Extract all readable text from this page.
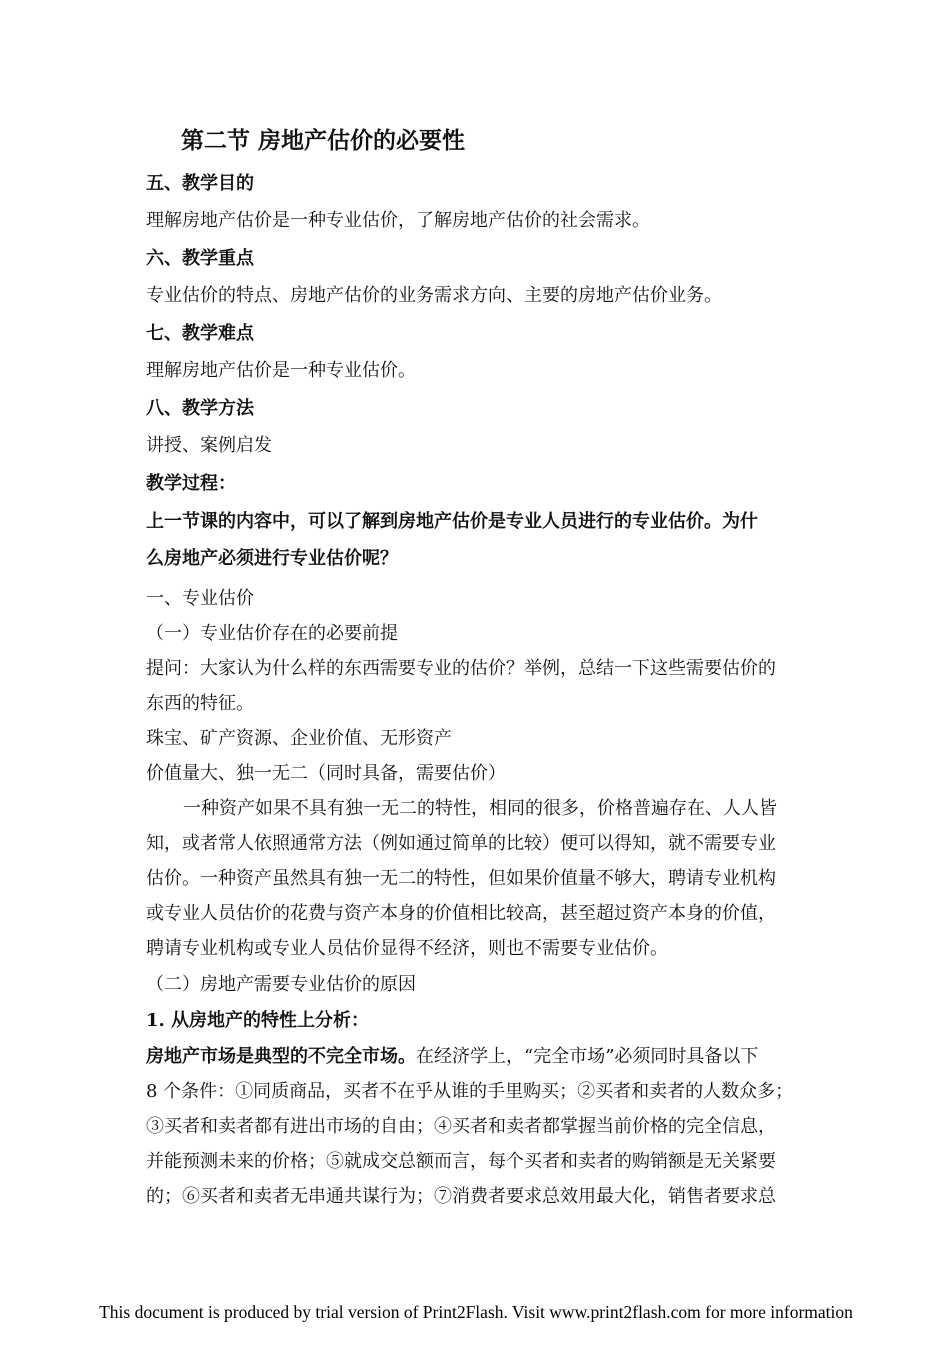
第二节 房地产估价的必要性
五、教学目的
理解房地产估价是一种专业估价，了解房地产估价的社会需求。
六、教学重点
专业估价的特点、房地产估价的业务需求方向、主要的房地产估价业务。
七、教学难点
理解房地产估价是一种专业估价。
八、教学方法
讲授、案例启发
教学过程：
上一节课的内容中，可以了解到房地产估价是专业人员进行的专业估价。为什
么房地产必须进行专业估价呢？
一、专业估价
（一）专业估价存在的必要前提
提问：大家认为什么样的东西需要专业的估价？举例，总结一下这些需要估价的
东西的特征。
珠宝、矿产资源、企业价值、无形资产
价值量大、独一无二（同时具备，需要估价）
一种资产如果不具有独一无二的特性，相同的很多，价格普遍存在、人人皆
知，或者常人依照通常方法（例如通过简单的比较）便可以得知，就不需要专业
估价。一种资产虽然具有独一无二的特性，但如果价值量不够大，聘请专业机构
或专业人员估价的花费与资产本身的价值相比较高，甚至超过资产本身的价值，
聘请专业机构或专业人员估价显得不经济，则也不需要专业估价。
（二）房地产需要专业估价的原因
1. 从房地产的特性上分析：
房地产市场是典型的不完全市场。在经济学上，“完全市场”必须同时具备以下
8 个条件：①同质商品，买者不在乎从谁的手里购买；②买者和卖者的人数众多；
③买者和卖者都有进出市场的自由；④买者和卖者都掌握当前价格的完全信息，
并能预测未来的价格；⑤就成交总额而言，每个买者和卖者的购销额是无关紧要
的；⑥买者和卖者无串通共谋行为；⑦消费者要求总效用最大化，销售者要求总
This document is produced by trial version of Print2Flash. Visit www.print2flash.com for more information
